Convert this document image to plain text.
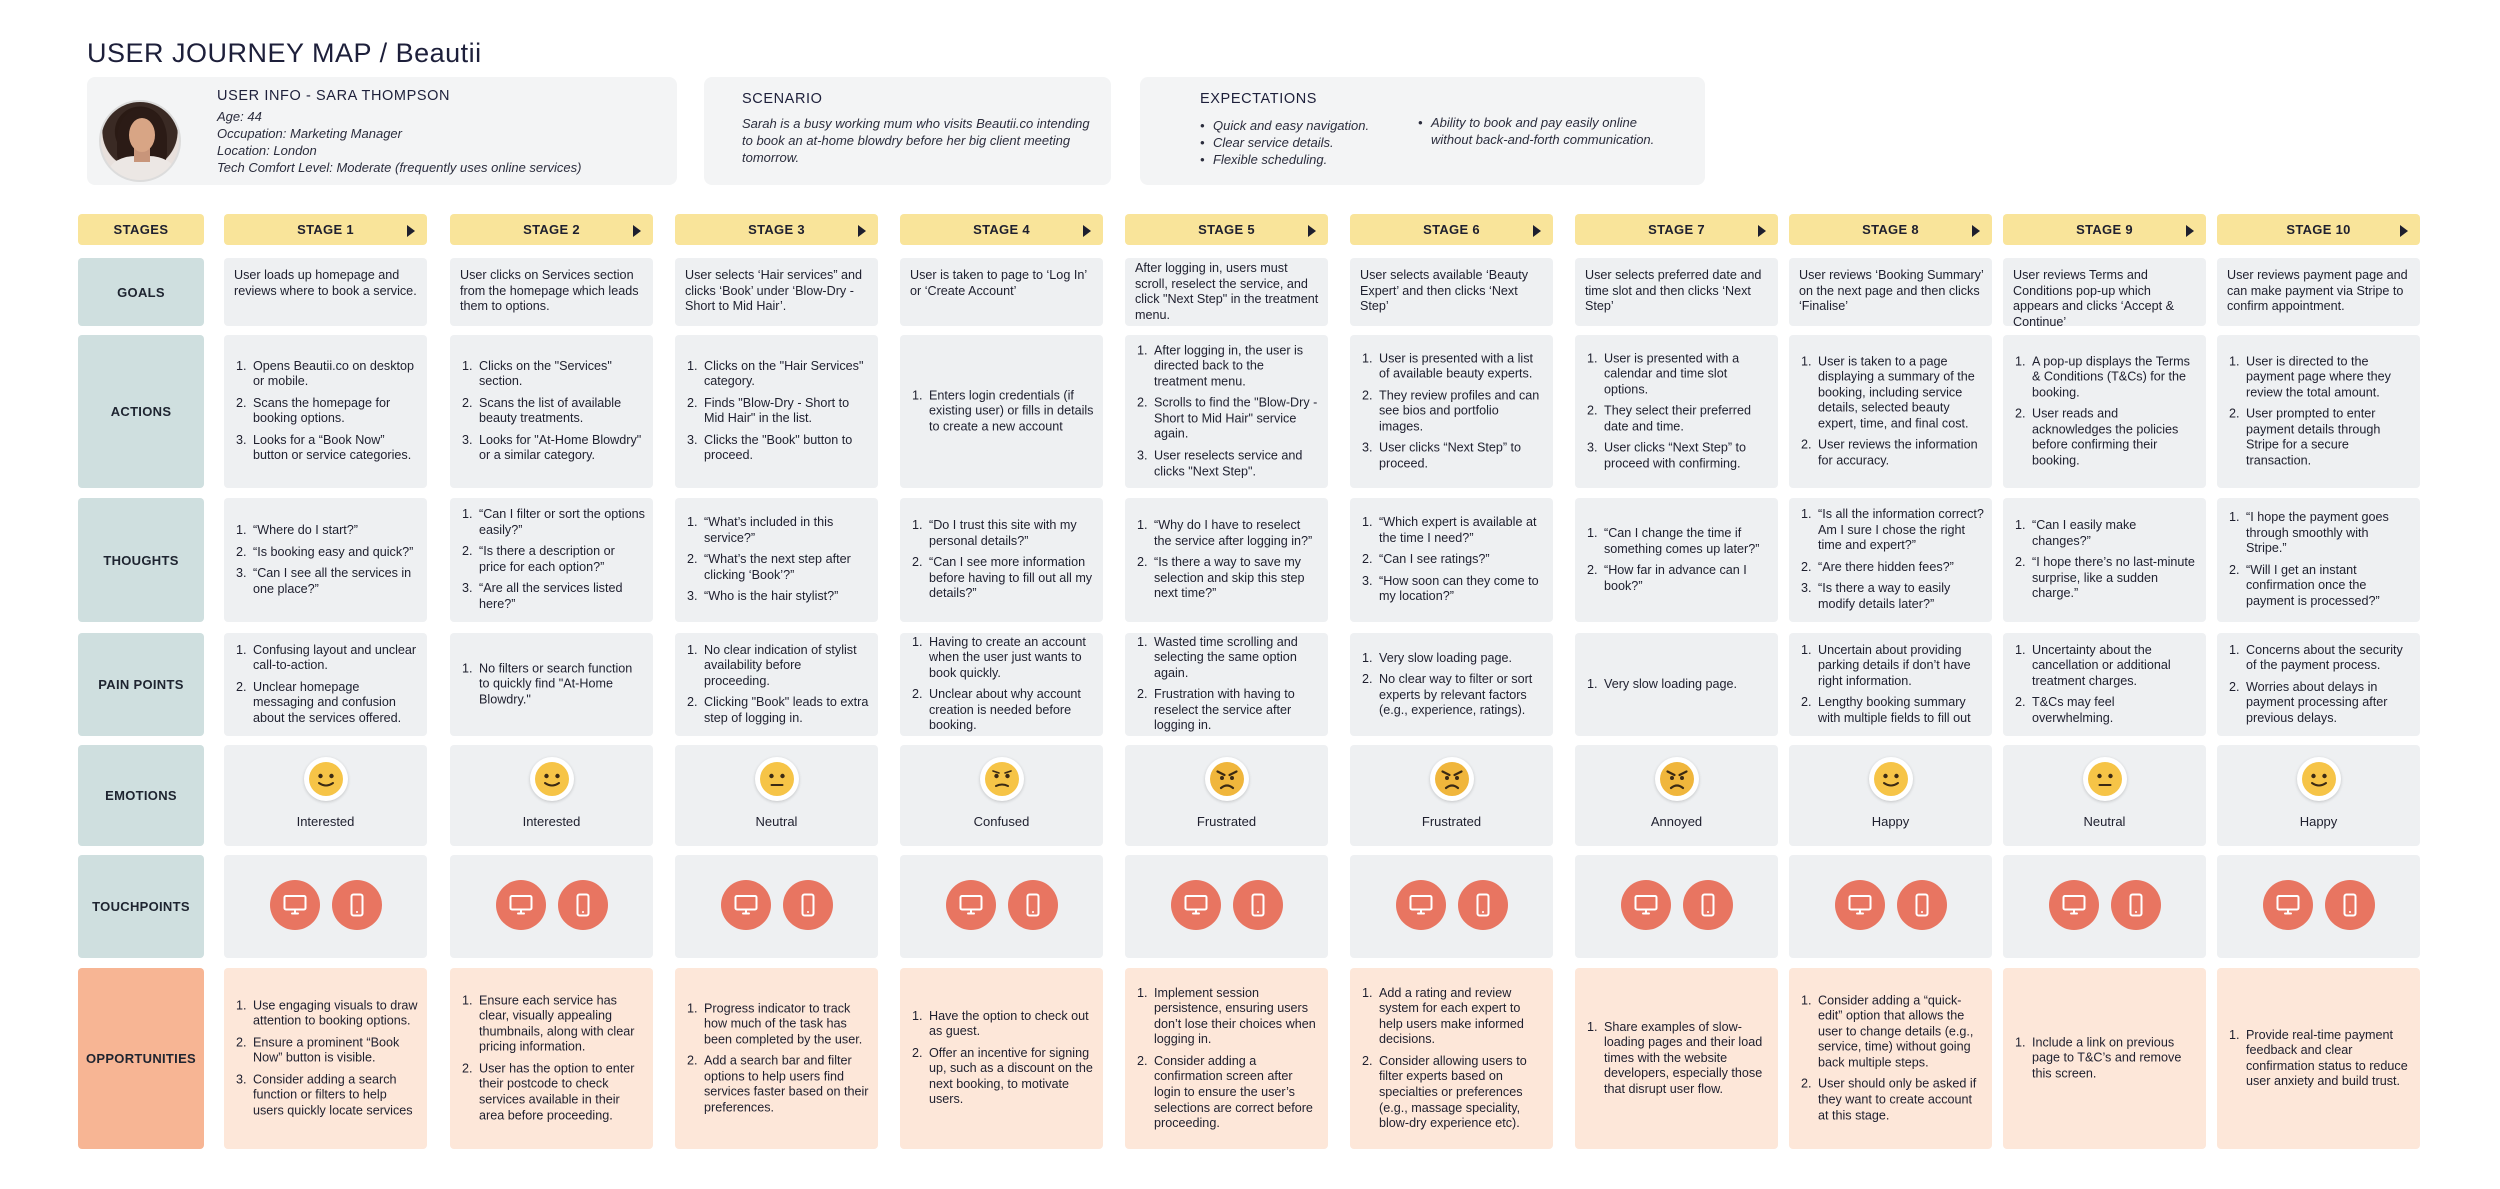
USER JOURNEY MAP / Beautii
USER INFO - SARA THOMPSON
Age: 44
Occupation: Marketing Manager
Location: London
Tech Comfort Level: Moderate (frequently uses online services)
SCENARIO
Sarah is a busy working mum who visits Beautii.co intending to book an at-home blowdry before her big client meeting tomorrow.
EXPECTATIONS
• Quick and easy navigation.
• Clear service details.
• Flexible scheduling.
• Ability to book and pay easily online without back-and-forth communication.
STAGES
GOALS
ACTIONS
THOUGHTS
PAIN POINTS
EMOTIONS
TOUCHPOINTS
OPPORTUNITIES
STAGE 1
User loads up homepage and reviews where to book a service.
1. Opens Beautii.co on desktop or mobile.
2. Scans the homepage for booking options.
3. Looks for a “Book Now” button or service categories.
1. “Where do I start?”
2. “Is booking easy and quick?”
3. “Can I see all the services in one place?”
1. Confusing layout and unclear call-to-action.
2. Unclear homepage messaging and confusion about the services offered.
Interested
1. Use engaging visuals to draw attention to booking options.
2. Ensure a prominent “Book Now” button is visible.
3. Consider adding a search function or filters to help users quickly locate services
STAGE 2
User clicks on Services section from the homepage which leads them to options.
1. Clicks on the "Services" section.
2. Scans the list of available beauty treatments.
3. Looks for "At-Home Blowdry" or a similar category.
1. “Can I filter or sort the options easily?”
2. “Is there a description or price for each option?”
3. “Are all the services listed here?”
1. No filters or search function to quickly find "At-Home Blowdry."
Interested
1. Ensure each service has clear, visually appealing thumbnails, along with clear pricing information.
2. User has the option to enter their postcode to check services available in their area before proceeding.
STAGE 3
User selects ‘Hair services” and clicks ‘Book’ under ‘Blow-Dry - Short to Mid Hair’.
1. Clicks on the "Hair Services" category.
2. Finds "Blow-Dry - Short to Mid Hair" in the list.
3. Clicks the "Book" button to proceed.
1. “What’s included in this service?”
2. “What’s the next step after clicking ‘Book’?”
3. “Who is the hair stylist?”
1. No clear indication of stylist availability before proceeding.
2. Clicking "Book" leads to extra step of logging in.
Neutral
1. Progress indicator to track how much of the task has been completed by the user.
2. Add a search bar and filter options to help users find services faster based on their preferences.
STAGE 4
User is taken to page to ‘Log In’ or ‘Create Account’
1. Enters login credentials (if existing user) or fills in details to create a new account
1. “Do I trust this site with my personal details?”
2. “Can I see more information before having to fill out all my details?”
1. Having to create an account when the user just wants to book quickly.
2. Unclear about why account creation is needed before booking.
Confused
1. Have the option to check out as guest.
2. Offer an incentive for signing up, such as a discount on the next booking, to motivate users.
STAGE 5
After logging in, users must scroll, reselect the service, and click "Next Step" in the treatment menu.
1. After logging in, the user is directed back to the treatment menu.
2. Scrolls to find the "Blow-Dry - Short to Mid Hair" service again.
3. User reselects service and clicks "Next Step".
1. “Why do I have to reselect the service after logging in?”
2. “Is there a way to save my selection and skip this step next time?”
1. Wasted time scrolling and selecting the same option again.
2. Frustration with having to reselect the service after logging in.
Frustrated
1. Implement session persistence, ensuring users don’t lose their choices when logging in.
2. Consider adding a confirmation screen after login to ensure the user’s selections are correct before proceeding.
STAGE 6
User selects available ‘Beauty Expert’ and then clicks ‘Next Step’
1. User is presented with a list of available beauty experts.
2. They review profiles and can see bios and portfolio images.
3. User clicks “Next Step” to proceed.
1. “Which expert is available at the time I need?”
2. “Can I see ratings?”
3. “How soon can they come to my location?”
1. Very slow loading page.
2. No clear way to filter or sort experts by relevant factors (e.g., experience, ratings).
Frustrated
1. Add a rating and review system for each expert to help users make informed decisions.
2. Consider allowing users to filter experts based on specialties or preferences (e.g., massage speciality, blow-dry experience etc).
STAGE 7
User selects preferred date and time slot and then clicks ‘Next Step’
1. User is presented with a calendar and time slot options.
2. They select their preferred date and time.
3. User clicks “Next Step” to proceed with confirming.
1. “Can I change the time if something comes up later?”
2. “How far in advance can I book?”
1. Very slow loading page.
Annoyed
1. Share examples of slow-loading pages and their load times with the website developers, especially those that disrupt user flow.
STAGE 8
User reviews ‘Booking Summary’ on the next page and then clicks ‘Finalise’
1. User is taken to a page displaying a summary of the booking, including service details, selected beauty expert, time, and final cost.
2. User reviews the information for accuracy.
1. “Is all the information correct? Am I sure I chose the right time and expert?”
2. “Are there hidden fees?”
3. “Is there a way to easily modify details later?”
1. Uncertain about providing parking details if don’t have right information.
2. Lengthy booking summary with multiple fields to fill out
Happy
1. Consider adding a “quick-edit” option that allows the user to change details (e.g., service, time) without going back multiple steps.
2. User should only be asked if they want to create account at this stage.
STAGE 9
User reviews Terms and Conditions pop-up which appears and clicks ‘Accept & Continue’
1. A pop-up displays the Terms & Conditions (T&Cs) for the booking.
2. User reads and acknowledges the policies before confirming their booking.
1. “Can I easily make changes?”
2. “I hope there’s no last-minute surprise, like a sudden charge.”
1. Uncertainty about the cancellation or additional treatment charges.
2. T&Cs may feel overwhelming.
Neutral
1. Include a link on previous page to T&C’s and remove this screen.
STAGE 10
User reviews payment page and can make payment via Stripe to confirm appointment.
1. User is directed to the payment page where they review the total amount.
2. User prompted to enter payment details through Stripe for a secure transaction.
1. “I hope the payment goes through smoothly with Stripe.”
2. “Will I get an instant confirmation once the payment is processed?”
1. Concerns about the security of the payment process.
2. Worries about delays in payment processing after previous delays.
Happy
1. Provide real-time payment feedback and clear confirmation status to reduce user anxiety and build trust.
